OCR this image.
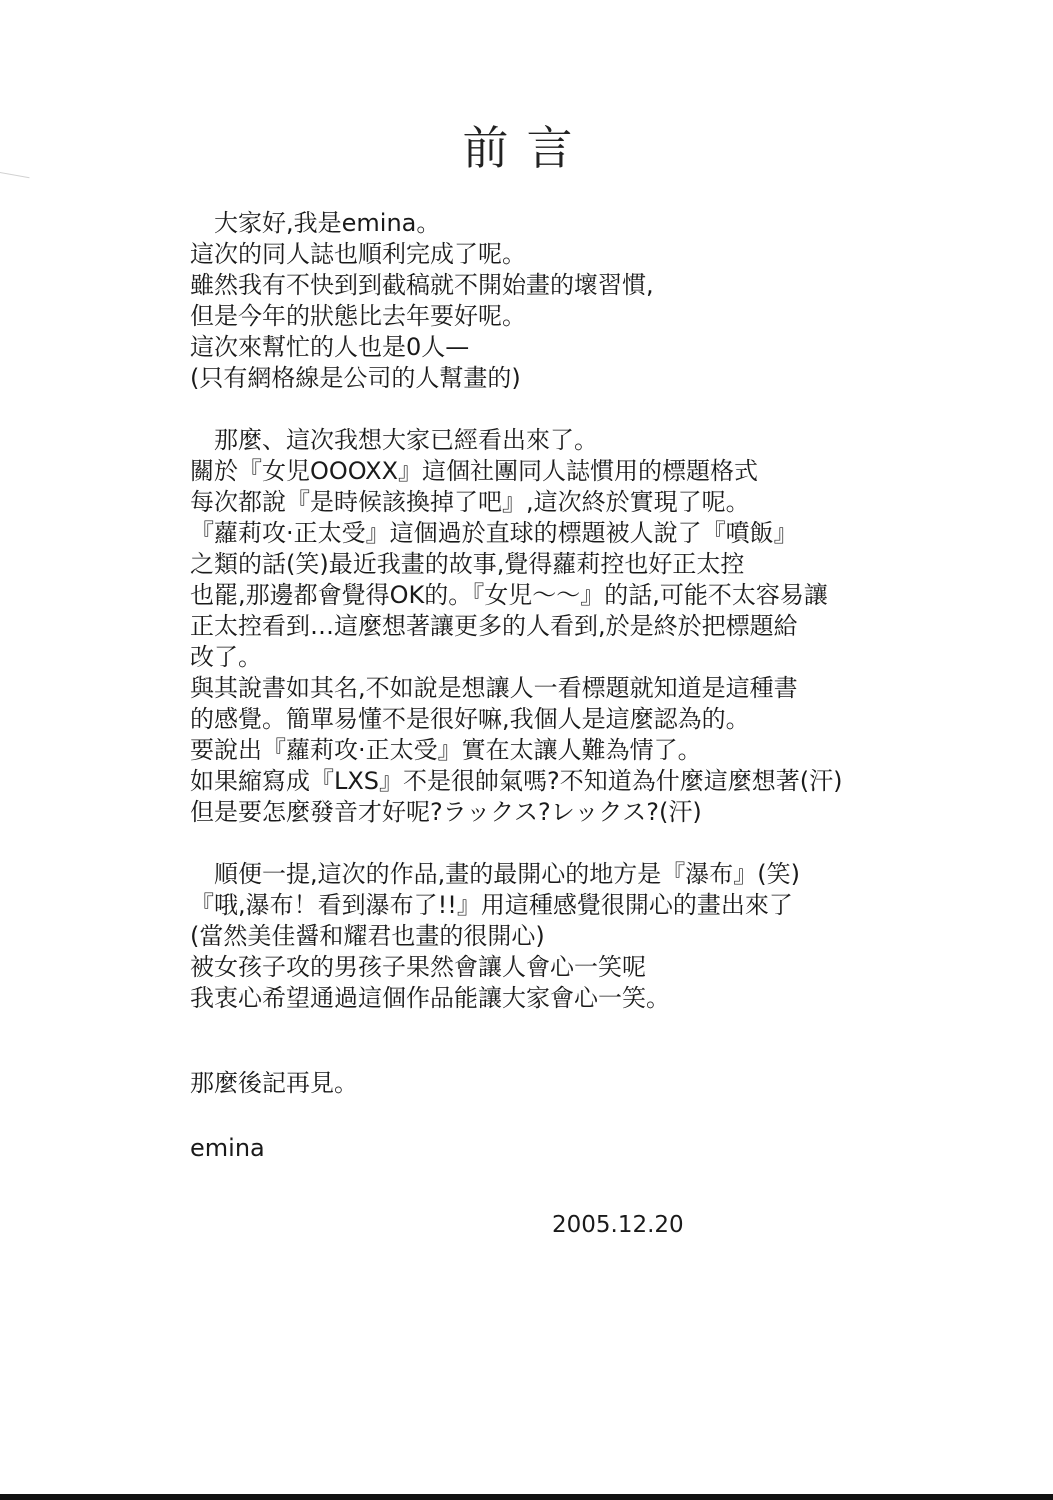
前言
　大家好,我是emina。
這次的同人誌也順利完成了呢。
雖然我有不快到到截稿就不開始畫的壞習慣,
但是今年的狀態比去年要好呢。
這次來幫忙的人也是0人—
(只有網格線是公司的人幫畫的)
　那麼、這次我想大家已經看出來了。
關於『女児OOOXX』這個社團同人誌慣用的標題格式
每次都說『是時候該換掉了吧』,這次終於實現了呢。
『蘿莉攻·正太受』這個過於直球的標題被人說了『噴飯』
之類的話(笑)最近我畫的故事,覺得蘿莉控也好正太控
也罷,那邊都會覺得OK的。『女児～～』的話,可能不太容易讓
正太控看到…這麼想著讓更多的人看到,於是終於把標題給
改了。
與其說書如其名,不如說是想讓人一看標題就知道是這種書
的感覺。簡單易懂不是很好嘛,我個人是這麼認為的。
要說出『蘿莉攻·正太受』實在太讓人難為情了。
如果縮寫成『LXS』不是很帥氣嗎?不知道為什麼這麼想著(汗)
但是要怎麼發音才好呢?ラックス?レックス?(汗)
　順便一提,這次的作品,畫的最開心的地方是『瀑布』(笑)
『哦,瀑布！看到瀑布了!!』用這種感覺很開心的畫出來了
(當然美佳醤和耀君也畫的很開心)
被女孩子攻的男孩子果然會讓人會心一笑呢
我衷心希望通過這個作品能讓大家會心一笑。
那麼後記再見。
emina
2005.12.20
